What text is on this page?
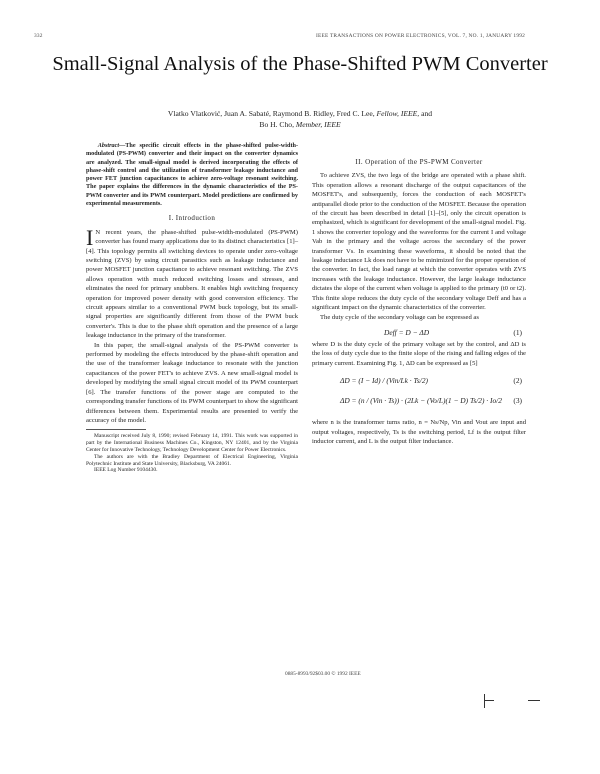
332	IEEE TRANSACTIONS ON POWER ELECTRONICS, VOL. 7, NO. 1, JANUARY 1992
Small-Signal Analysis of the Phase-Shifted PWM Converter
Vlatko Vlatković, Juan A. Sabaté, Raymond B. Ridley, Fred C. Lee, Fellow, IEEE, and
Bo H. Cho, Member, IEEE
Abstract—The specific circuit effects in the phase-shifted pulse-width-modulated (PS-PWM) converter and their impact on the converter dynamics are analyzed. The small-signal model is derived incorporating the effects of phase-shift control and the utilization of transformer leakage inductance and power FET junction capacitances to achieve zero-voltage resonant switching. The paper explains the differences in the dynamic characteristics of the PS-PWM converter and its PWM counterpart. Model predictions are confirmed by experimental measurements.
I. Introduction

I N recent years, the phase-shifted pulse-width-modulated (PS-PWM) converter has found many applications due to its distinct characteristics [1]–[4]. This topology permits all switching devices to operate under zero-voltage switching (ZVS) by using circuit parasitics such as leakage inductance and power MOSFET junction capacitance to achieve resonant switching. The ZVS allows operation with much reduced switching losses and stresses, and eliminates the need for primary snubbers. It enables high switching frequency operation for improved power density with good conversion efficiency. The circuit appears similar to a conventional PWM buck topology, but its small-signal properties are significantly different from those of the PWM buck converter's. This is due to the phase shift operation and the presence of a large leakage inductance in the primary of the transformer.

In this paper, the small-signal analysis of the PS-PWM converter is performed by modeling the effects introduced by the phase-shift operation and the use of the transformer leakage inductance to resonate with the junction capacitances of the power FET's to achieve ZVS. A new small-signal model is developed by modifying the small signal circuit model of its PWM counterpart [6]. The transfer functions of the power stage are computed to the corresponding transfer functions of its PWM counterpart to show the significant differences between them. Experimental results are presented to verify the accuracy of the model.

Manuscript received July 8, 1990; revised February 14, 1991. This work was supported in part by the International Business Machines Co., Kingston, NY 12401, and by the Virginia Center for Innovative Technology, Technology Development Center for Power Electronics.

The authors are with the Bradley Department of Electrical Engineering, Virginia Polytechnic Institute and State University, Blacksburg, VA 24061.

IEEE Log Number 9104430.

II. Operation of the PS-PWM Converter

To achieve ZVS, the two legs of the bridge are operated with a phase shift. This operation allows a resonant discharge of the output capacitances of the MOSFET's, and subsequently, forces the conduction of each MOSFET's antiparallel diode prior to the conduction of the MOSFET. Because the operation of the circuit has been described in detail [1]–[5], only the circuit operation is emphasized, which is significant for development of the small-signal model. Fig. 1 shows the converter topology and the waveforms for the current I and voltage Vab in the primary and the voltage across the secondary of the power transformer Vs. In examining these waveforms, it should be noted that the leakage inductance Lk does not have to be minimized for the proper operation of the converter. In fact, the load range at which the converter operates with ZVS increases with the leakage inductance. However, the large leakage inductance dictates the slope of the current when voltage is applied to the primary (t0 or t2). This finite slope reduces the duty cycle of the secondary voltage Deff and has a significant impact on the dynamic characteristics of the converter.

The duty cycle of the secondary voltage can be expressed as

Deff = D − ΔD	(1)

where D is the duty cycle of the primary voltage set by the control, and ΔD is the loss of duty cycle due to the finite slope of the rising and falling edges of the primary current. Examining Fig. 1, ΔD can be expressed as [5]

ΔD = (I − Id) / (Vin/Lk · Ts/2)	(2)
ΔD = (n / (Vin · Ts)) · (2Lk − (Vo/L)(1 − D) Ts/2) · Io/2 (3)

where n is the transformer turns ratio, n = Ns/Np, Vin and Vout are input and output voltages, respectively, Ts is the switching period, Lf is the output filter inductor current, and L is the output filter inductance.

0885-8993/92$03.00 © 1992 IEEE
